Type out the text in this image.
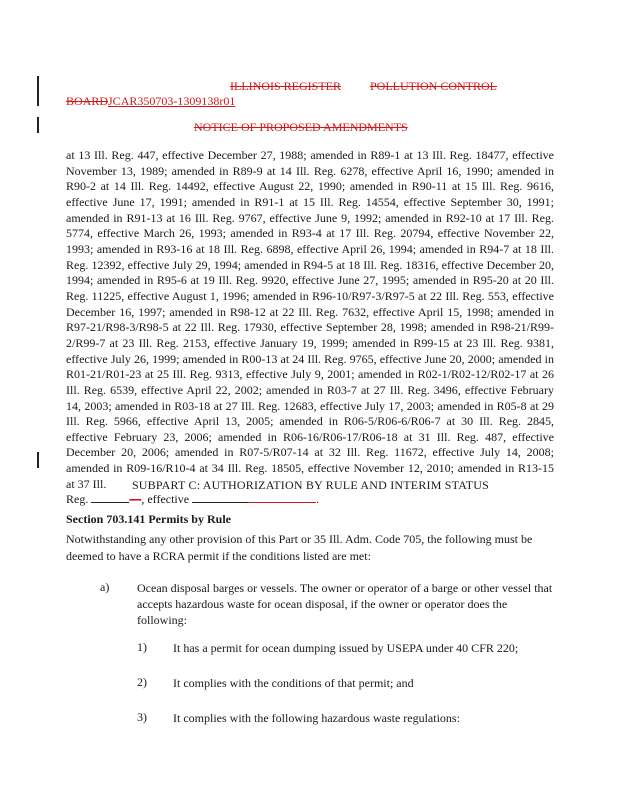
ILLINOIS REGISTER POLLUTION CONTROL
BOARDJCAR350703-1309138r01
NOTICE OF PROPOSED AMENDMENTS

at 13 Ill. Reg. 447, effective December 27, 1988; amended in R89-1 at 13 Ill. Reg. 18477, effective November 13, 1989; amended in R89-9 at 14 Ill. Reg. 6278, effective April 16, 1990; amended in R90-2 at 14 Ill. Reg. 14492, effective August 22, 1990; amended in R90-11 at 15 Ill. Reg. 9616, effective June 17, 1991; amended in R91-1 at 15 Ill. Reg. 14554, effective September 30, 1991; amended in R91-13 at 16 Ill. Reg. 9767, effective June 9, 1992; amended in R92-10 at 17 Ill. Reg. 5774, effective March 26, 1993; amended in R93-4 at 17 Ill. Reg. 20794, effective November 22, 1993; amended in R93-16 at 18 Ill. Reg. 6898, effective April 26, 1994; amended in R94-7 at 18 Ill. Reg. 12392, effective July 29, 1994; amended in R94-5 at 18 Ill. Reg. 18316, effective December 20, 1994; amended in R95-6 at 19 Ill. Reg. 9920, effective June 27, 1995; amended in R95-20 at 20 Ill. Reg. 11225, effective August 1, 1996; amended in R96-10/R97-3/R97-5 at 22 Ill. Reg. 553, effective December 16, 1997; amended in R98-12 at 22 Ill. Reg. 7632, effective April 15, 1998; amended in R97-21/R98-3/R98-5 at 22 Ill. Reg. 17930, effective September 28, 1998; amended in R98-21/R99-2/R99-7 at 23 Ill. Reg. 2153, effective January 19, 1999; amended in R99-15 at 23 Ill. Reg. 9381, effective July 26, 1999; amended in R00-13 at 24 Ill. Reg. 9765, effective June 20, 2000; amended in R01-21/R01-23 at 25 Ill. Reg. 9313, effective July 9, 2001; amended in R02-1/R02-12/R02-17 at 26 Ill. Reg. 6539, effective April 22, 2002; amended in R03-7 at 27 Ill. Reg. 3496, effective February 14, 2003; amended in R03-18 at 27 Ill. Reg. 12683, effective July 17, 2003; amended in R05-8 at 29 Ill. Reg. 5966, effective April 13, 2005; amended in R06-5/R06-6/R06-7 at 30 Ill. Reg. 2845, effective February 23, 2006; amended in R06-16/R06-17/R06-18 at 31 Ill. Reg. 487, effective December 20, 2006; amended in R07-5/R07-14 at 32 Ill. Reg. 11672, effective July 14, 2008; amended in R09-16/R10-4 at 34 Ill. Reg. 18505, effective November 12, 2010; amended in R13-15 at 37 Ill.
Reg.	—, effective	.

SUBPART C: AUTHORIZATION BY RULE AND INTERIM STATUS
Section 703.141 Permits by Rule

Notwithstanding any other provision of this Part or 35 Ill. Adm. Code 705, the following must be deemed to have a RCRA permit if the conditions listed are met:

a) Ocean disposal barges or vessels. The owner or operator of a barge or other vessel that accepts hazardous waste for ocean disposal, if the owner or operator does the following:

1) It has a permit for ocean dumping issued by USEPA under 40 CFR 220;

2) It complies with the conditions of that permit; and

3) It complies with the following hazardous waste regulations:
